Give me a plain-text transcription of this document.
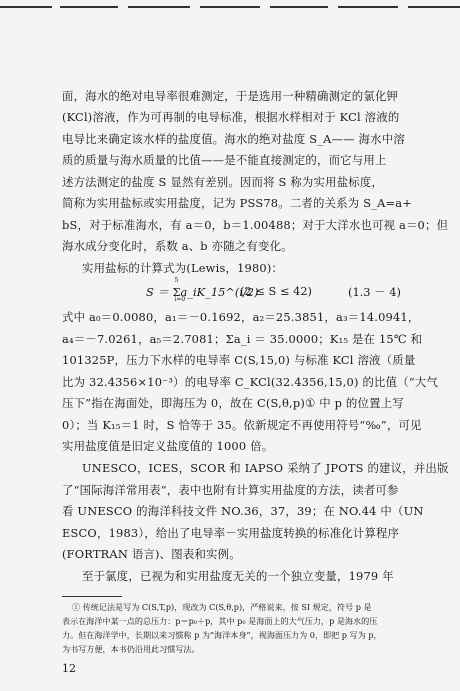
面，海水的绝对电导率很难测定，于是选用一种精确测定的氯化钾

(KCl)溶液，作为可再制的电导标准，根据水样相对于 KCl 溶液的

电导比来确定该水样的盐度值。海水的绝对盐度 S_A—— 海水中溶

质的质量与海水质量的比值——是不能直接测定的，而它与用上

述方法测定的盐度 S 显然有差别。因而将 S 称为实用盐标度，

简称为实用盐标或实用盐度，记为 PSS78。二者的关系为 S_A=a+

bS，对于标准海水，有 a＝0，b＝1.00488；对于大洋水也可视 a＝0；但

海水成分变化时，系数 a、b 亦随之有变化。

实用盐标的计算式为(Lewis，1980)：

S ＝
5
Σ
i=0
a_iK_15^(i/2)
(2 ≤ S ≤ 42)	(1.3 － 4)

式中 a₀＝0.0080，a₁＝－0.1692，a₂＝25.3851，a₃＝14.0941，

a₄＝－7.0261，a₅＝2.7081；Σa_i ＝ 35.0000；K₁₅ 是在 15℃ 和

101325P，压力下水样的电导率 C(S,15,0) 与标准 KCl 溶液（质量

比为 32.4356×10⁻³）的电导率 C_KCl(32.4356,15,0) 的比值（“大气

压下”指在海面处，即海压为 0，故在 C(S,θ,p)① 中 p 的位置上写

0）；当 K₁₅＝1 时，S 恰等于 35。依新规定不再使用符号“‰”，可见

实用盐度值是旧定义盐度值的 1000 倍。

UNESCO，ICES，SCOR 和 IAPSO 采纳了 JPOTS 的建议，并出版

了“国际海洋常用表”，表中也附有计算实用盐度的方法，读者可参

看 UNESCO 的海洋科技文件 NO.36，37，39；在 NO.44 中（UN

ESCO，1983），给出了电导率－实用盐度转换的标准化计算程序

(FORTRAN 语言)、图表和实例。

至于氯度，已视为和实用盐度无关的一个独立变量，1979 年

① 传统记法是写为 C(S,T,p)，现改为 C(S,θ,p)，严格说来，按 SI 规定，符号 p 是

表示在海洋中某一点的总压力：p＝p₀＋p，其中 p₀ 是海面上的大气压力，p 是海水的压

力。但在海洋学中，长期以来习惯称 p 为“海洋本身”，视海面压力为 0，即把 p 写为 p，

为书写方便，本书仍沿用此习惯写法。

12
